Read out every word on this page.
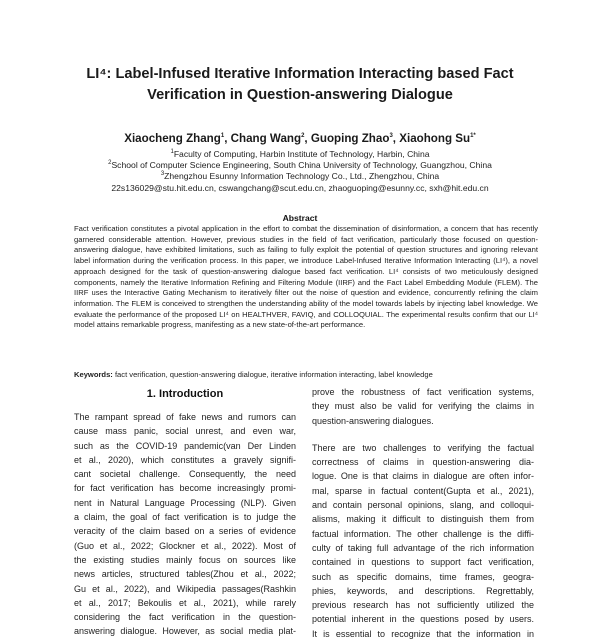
LI⁴: Label-Infused Iterative Information Interacting based Fact
Verification in Question-answering Dialogue
Xiaocheng Zhang$^1$, Chang Wang$^2$, Guoping Zhao$^3$, Xiaohong $Su^{1*}$
$^1$Faculty of Computing, Harbin Institute of Technology, Harbin, China
$^2$School of Computer Science Engineering, South China University of Technology, Guangzhou, China
$^3$Zhengzhou Esunny Information Technology Co., Ltd., Zhengzhou, China
22s136029@stu.hit.edu.cn, cswangchang@scut.edu.cn, zhaoguoping@esunny.cc, sxh@hit.edu.cn
Abstract
Fact verification constitutes a pivotal application in the effort to combat the dissemination of disinformation, a concern that has recently garnered considerable attention. However, previous studies in the field of fact verification, particularly those focused on question-answering dialogue, have exhibited limitations, such as failing to fully exploit the potential of question structures and ignoring relevant label information during the verification process. In this paper, we introduce Label-Infused Iterative Information Interacting (LI⁴), a novel approach designed for the task of question-answering dialogue based fact verification. LI⁴ consists of two meticulously designed components, namely the Iterative Information Refining and Filtering Module (IIRF) and the Fact Label Embedding Module (FLEM). The IIRF uses the Interactive Gating Mechanism to iteratively filter out the noise of question and evidence, concurrently refining the claim information. The FLEM is conceived to strengthen the understanding ability of the model towards labels by injecting label knowledge. We evaluate the performance of the proposed LI⁴ on HEALTHVER, FAVIQ, and COLLOQUIAL. The experimental results confirm that our LI⁴ model attains remarkable progress, manifesting as a new state-of-the-art performance.
Keywords: fact verification, question-answering dialogue, iterative information interacting, label knowledge
1. Introduction
The rampant spread of fake news and rumors can
cause mass panic, social unrest, and even war,
such as the COVID-19 pandemic(van Der Linden
et al., 2020), which constitutes a gravely signifi-
cant societal challenge. Consequently, the need
for fact verification has become increasingly promi-
nent in Natural Language Processing (NLP). Given
a claim, the goal of fact verification is to judge the
veracity of the claim based on a series of evidence
(Guo et al., 2022; Glockner et al., 2022). Most of
the existing studies mainly focus on sources like
news articles, structured tables(Zhou et al., 2022;
Gu et al., 2022), and Wikipedia passages(Rashkin
et al., 2017; Bekoulis et al., 2021), while rarely
considering the fact verification in the question-
answering dialogue. However, as social media plat-
prove the robustness of fact verification systems,
they must also be valid for verifying the claims in
question-answering dialogues.
There are two challenges to verifying the factual
correctness of claims in question-answering dia-
logue. One is that claims in dialogue are often infor-
mal, sparse in factual content(Gupta et al., 2021),
and contain personal opinions, slang, and colloqui-
alisms, making it difficult to distinguish them from
factual information. The other challenge is the diffi-
culty of taking full advantage of the rich information
contained in questions to support fact verification,
such as specific domains, time frames, geogra-
phies, keywords, and descriptions. Regrettably,
previous research has not sufficiently utilized the
potential inherent in the questions posed by users.
It is essential to recognize that the information in
